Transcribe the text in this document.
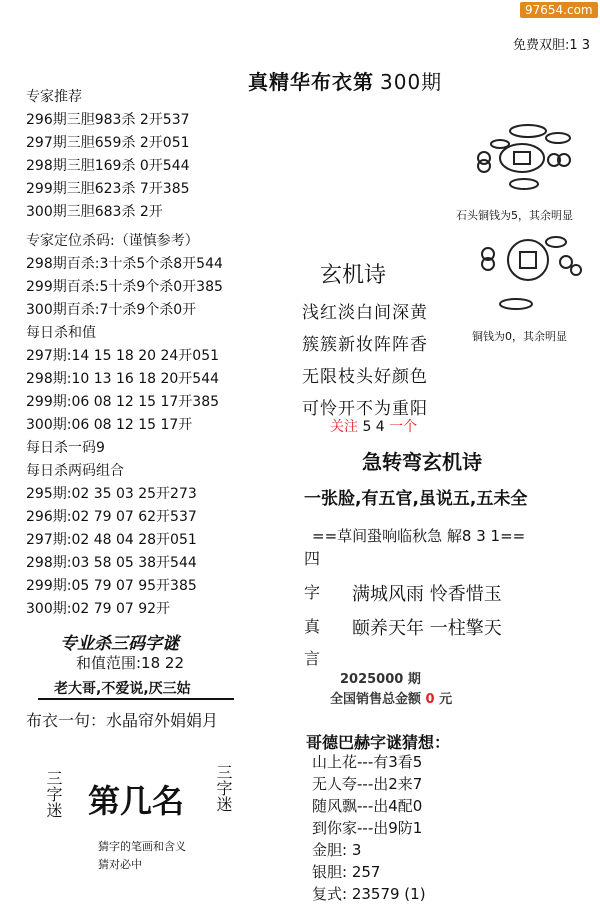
97654.com
免费双胆:1 3
真精华布衣第 300期
专家推荐
296期三胆983杀 2开537
297期三胆659杀 2开051
298期三胆169杀 0开544
299期三胆623杀 7开385
300期三胆683杀 2开
专家定位杀码:（谨慎参考）
298期百杀:3十杀5个杀8开544
299期百杀:5十杀9个杀0开385
300期百杀:7十杀9个杀0开
每日杀和值
297期:14 15 18 20 24开051
298期:10 13 16 18 20开544
299期:06 08 12 15 17开385
300期:06 08 12 15 17开
每日杀一码9
每日杀两码组合
295期:02 35 03 25开273
296期:02 79 07 62开537
297期:02 48 04 28开051
298期:03 58 05 38开544
299期:05 79 07 95开385
300期:02 79 07 92开
专业杀三码字谜
和值范围:18 22
老大哥,不爱说,厌三姑
布衣一句：水晶帘外娟娟月
三字迷 第几名 三字迷
猜字的笔画和含义
猜对必中
石头铜钱为5，其余明显
铜钱为0，其余明显
玄机诗
浅红淡白间深黄
簇簇新妆阵阵香
无限枝头好颜色
可怜开不为重阳
关注 5 4 一个
急转弯玄机诗
一张脸,有五官,虽说五,五未全
==草间蛩响临秋急 解8 3 1==
四
字
真
言
满城风雨 怜香惜玉
颐养天年 一柱擎天
2025000 期
全国销售总金额 0 元
哥德巴赫字谜猜想：
山上花---有3看5
无人夸---出2来7
随风飘---出4配0
到你家---出9防1
金胆: 3
银胆: 257
复式: 23579 (1)
